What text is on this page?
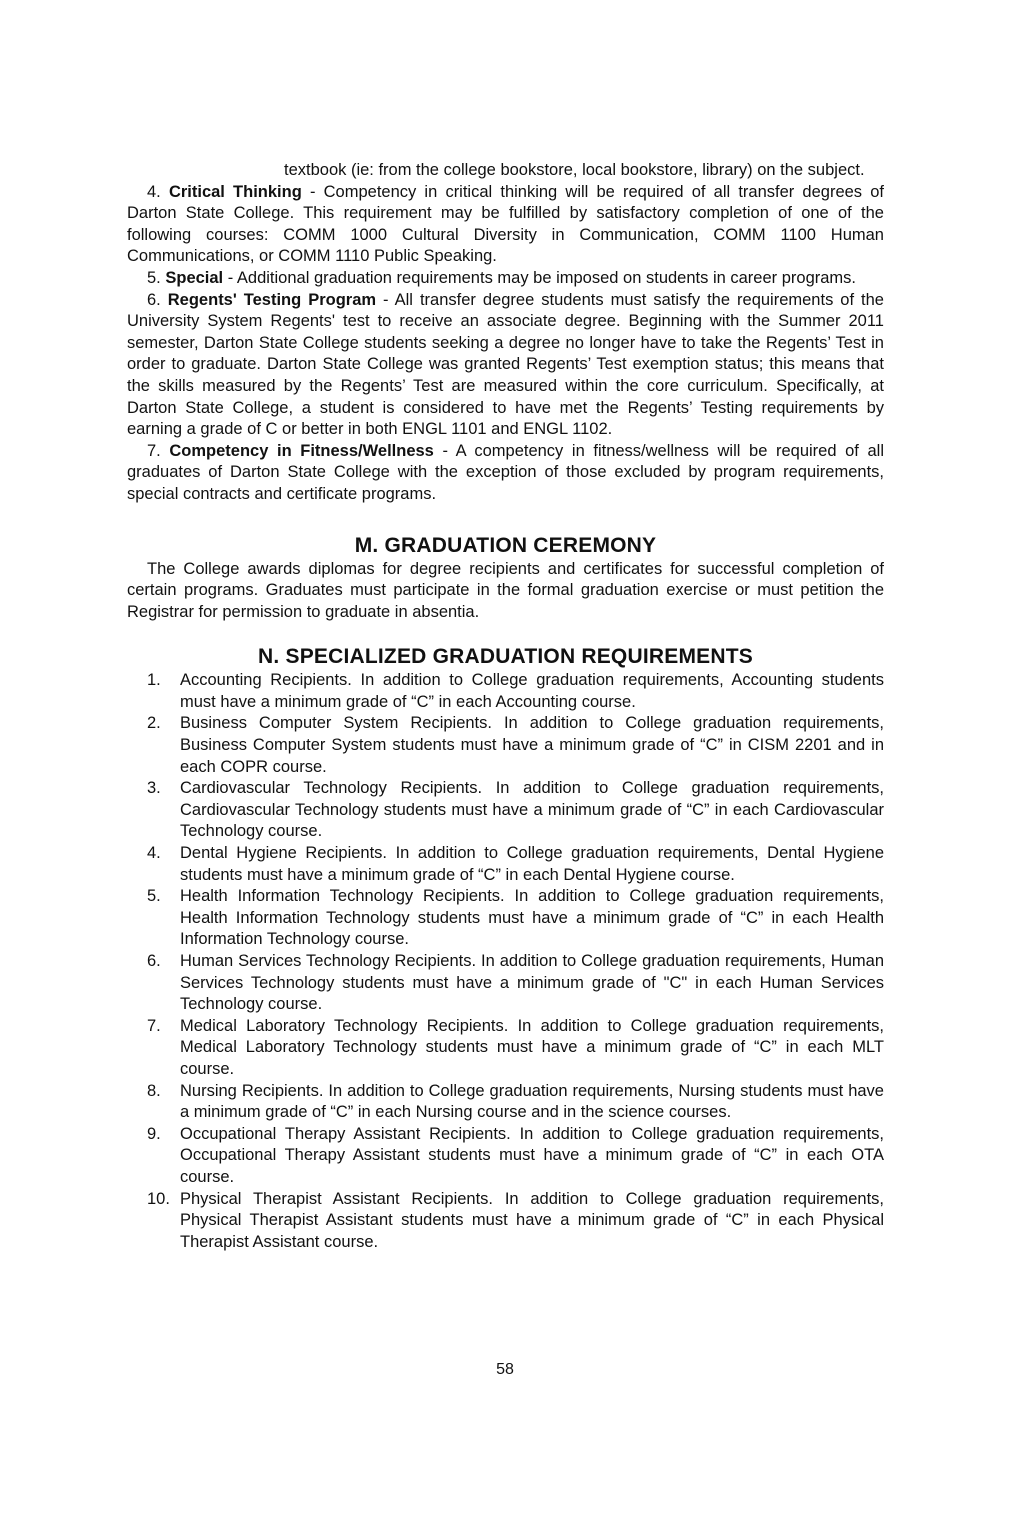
textbook (ie: from the college bookstore, local bookstore, library) on the subject.

4. Critical Thinking - Competency in critical thinking will be required of all transfer degrees of Darton State College. This requirement may be fulfilled by satisfactory completion of one of the following courses: COMM 1000 Cultural Diversity in Communication, COMM 1100 Human Communications, or COMM 1110 Public Speaking.

5. Special - Additional graduation requirements may be imposed on students in career programs.

6. Regents' Testing Program - All transfer degree students must satisfy the requirements of the University System Regents' test to receive an associate degree. Beginning with the Summer 2011 semester, Darton State College students seeking a degree no longer have to take the Regents’ Test in order to graduate. Darton State College was granted Regents’ Test exemption status; this means that the skills measured by the Regents’ Test are measured within the core curriculum. Specifically, at Darton State College, a student is considered to have met the Regents’ Testing requirements by earning a grade of C or better in both ENGL 1101 and ENGL 1102.

7. Competency in Fitness/Wellness - A competency in fitness/wellness will be required of all graduates of Darton State College with the exception of those excluded by program requirements, special contracts and certificate programs.

M. GRADUATION CEREMONY

The College awards diplomas for degree recipients and certificates for successful completion of certain programs. Graduates must participate in the formal graduation exercise or must petition the Registrar for permission to graduate in absentia.

N. SPECIALIZED GRADUATION REQUIREMENTS
1.	Accounting Recipients. In addition to College graduation requirements, Accounting students must have a minimum grade of “C” in each Accounting course.
2.	Business Computer System Recipients. In addition to College graduation requirements, Business Computer System students must have a minimum grade of “C” in CISM 2201 and in each COPR course.
3.	Cardiovascular Technology Recipients. In addition to College graduation requirements, Cardiovascular Technology students must have a minimum grade of “C” in each Cardiovascular Technology course.
4.	Dental Hygiene Recipients. In addition to College graduation requirements, Dental Hygiene students must have a minimum grade of “C” in each Dental Hygiene course.
5.	Health Information Technology Recipients. In addition to College graduation requirements, Health Information Technology students must have a minimum grade of “C” in each Health Information Technology course.
6.	Human Services Technology Recipients. In addition to College graduation requirements, Human Services Technology students must have a minimum grade of "C" in each Human Services Technology course.
7.	Medical Laboratory Technology Recipients. In addition to College graduation requirements, Medical Laboratory Technology students must have a minimum grade of “C” in each MLT course.
8.	Nursing Recipients. In addition to College graduation requirements, Nursing students must have a minimum grade of “C” in each Nursing course and in the science courses.
9.	Occupational Therapy Assistant Recipients. In addition to College graduation requirements, Occupational Therapy Assistant students must have a minimum grade of “C” in each OTA course.
10. Physical Therapist Assistant Recipients. In addition to College graduation requirements, Physical Therapist Assistant students must have a minimum grade of “C” in each Physical Therapist Assistant course.
58
